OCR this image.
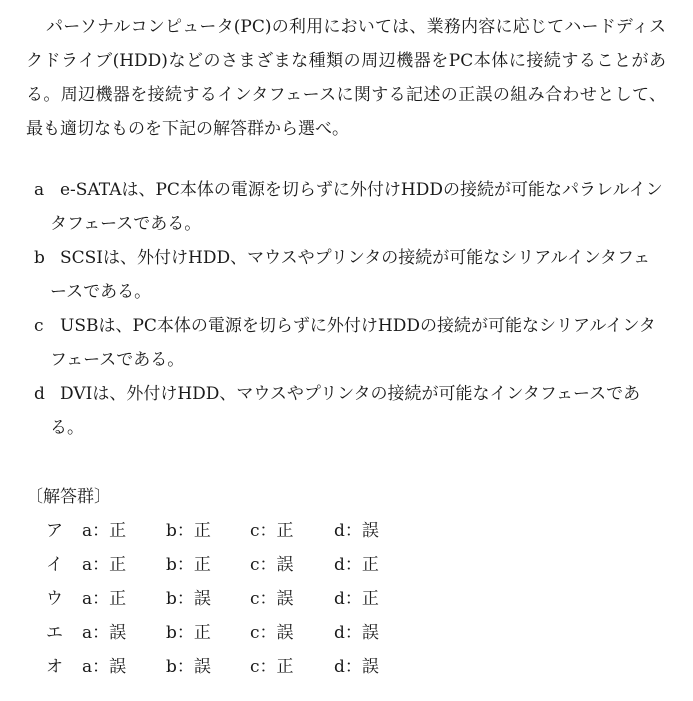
パーソナルコンピュータ(PC)の利用においては、業務内容に応じてハードディスクドライブ(HDD)などのさまざまな種類の周辺機器をPC本体に接続することがある。周辺機器を接続するインタフェースに関する記述の正誤の組み合わせとして、最も適切なものを下記の解答群から選べ。

a e-SATAは、PC本体の電源を切らずに外付けHDDの接続が可能なパラレルインタフェースである。
b SCSIは、外付けHDD、マウスやプリンタの接続が可能なシリアルインタフェースである。
c USBは、PC本体の電源を切らずに外付けHDDの接続が可能なシリアルインタフェースである。
d DVIは、外付けHDD、マウスやプリンタの接続が可能なインタフェースである。

〔解答群〕

ア a：正 b：正 c：正 d：誤
イ a：正 b：正 c：誤 d：正
ウ a：正 b：誤 c：誤 d：正
エ a：誤 b：正 c：誤 d：誤
オ a：誤 b：誤 c：正 d：誤
